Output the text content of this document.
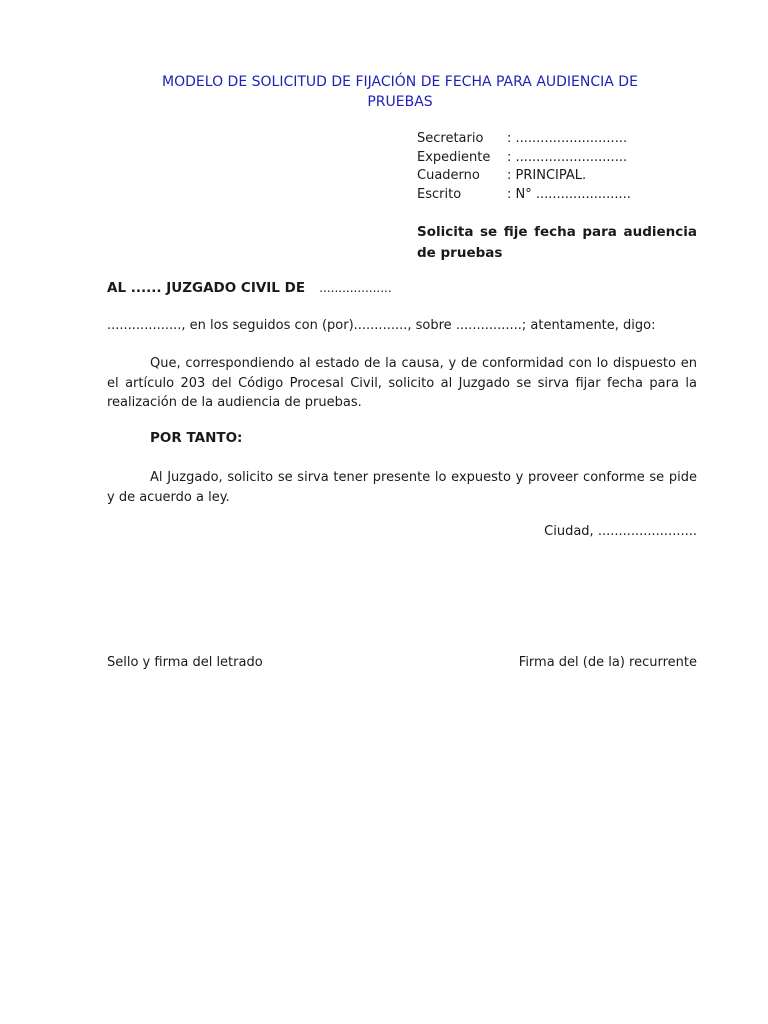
MODELO DE SOLICITUD DE FIJACIÓN DE FECHA PARA AUDIENCIA DE
PRUEBAS
Secretario	: ...........................
Expediente	: ...........................
Cuaderno	: PRINCIPAL.
Escrito	: N° .......................

Solicita se fije fecha para audiencia de pruebas

AL ...... JUZGADO CIVIL DE ...................

.................., en los seguidos con (por)............., sobre ................; atentamente, digo:

Que, correspondiendo al estado de la causa, y de conformidad con lo dispuesto en el artículo 203 del Código Procesal Civil, solicito al Juzgado se sirva fijar fecha para la realización de la audiencia de pruebas.

POR TANTO:

Al Juzgado, solicito se sirva tener presente lo expuesto y proveer conforme se pide y de acuerdo a ley.

Ciudad, ........................

Sello y firma del letrado	Firma del (de la) recurrente
